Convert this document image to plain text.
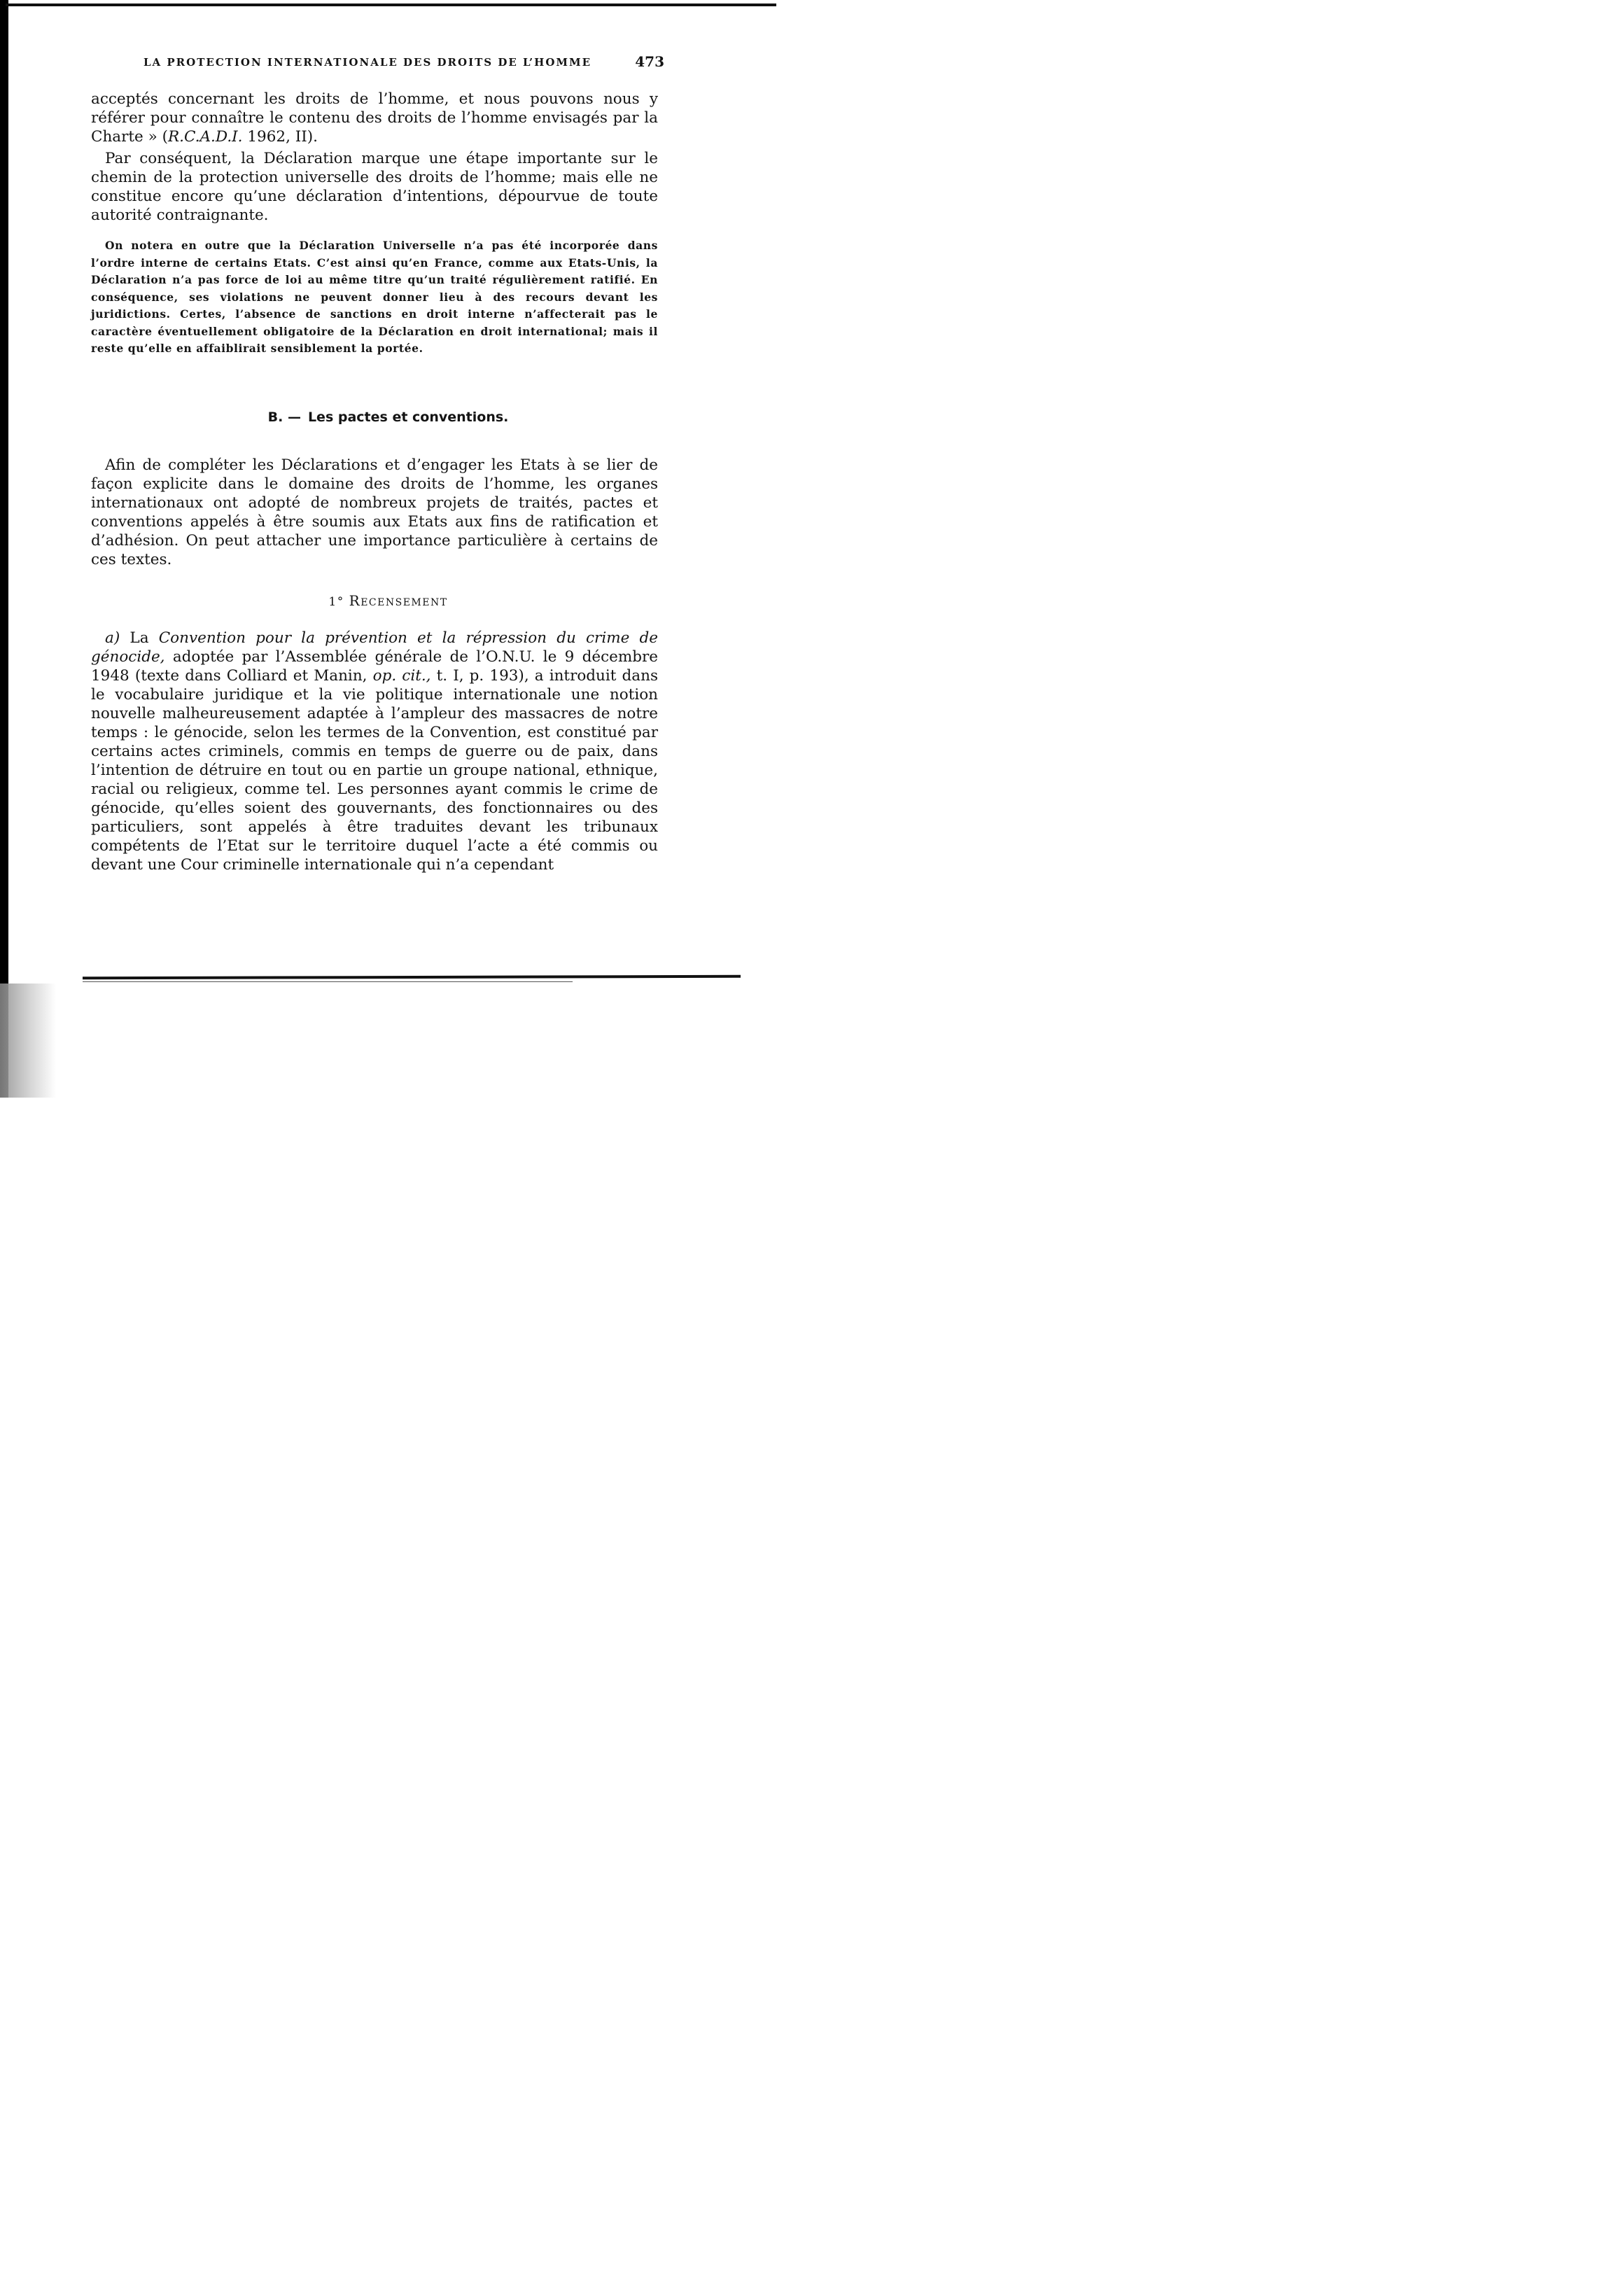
LA PROTECTION INTERNATIONALE DES DROITS DE L’HOMME	473

acceptés concernant les droits de l’homme, et nous pouvons nous y référer pour connaître le contenu des droits de l’homme envisagés par la Charte » (R.C.A.D.I. 1962, II).

Par conséquent, la Déclaration marque une étape importante sur le chemin de la protection universelle des droits de l’homme; mais elle ne constitue encore qu’une déclaration d’intentions, dépourvue de toute autorité contraignante.

On notera en outre que la Déclaration Universelle n’a pas été incorporée dans l’ordre interne de certains Etats. C’est ainsi qu’en France, comme aux Etats-Unis, la Déclaration n’a pas force de loi au même titre qu’un traité régulièrement ratifié. En conséquence, ses violations ne peuvent donner lieu à des recours devant les juridictions. Certes, l’absence de sanctions en droit interne n’affecterait pas le caractère éventuellement obligatoire de la Déclaration en droit international; mais il reste qu’elle en affaiblirait sensiblement la portée.

B. — Les pactes et conventions.

Afin de compléter les Déclarations et d’engager les Etats à se lier de façon explicite dans le domaine des droits de l’homme, les organes internationaux ont adopté de nombreux projets de traités, pactes et conventions appelés à être soumis aux Etats aux fins de ratification et d’adhésion. On peut attacher une importance particulière à certains de ces textes.

1° Recensement

a) La Convention pour la prévention et la répression du crime de génocide, adoptée par l’Assemblée générale de l’O.N.U. le 9 décembre 1948 (texte dans Colliard et Manin, op. cit., t. I, p. 193), a introduit dans le vocabulaire juridique et la vie politique internationale une notion nouvelle malheureusement adaptée à l’ampleur des massacres de notre temps : le génocide, selon les termes de la Convention, est constitué par certains actes criminels, commis en temps de guerre ou de paix, dans l’intention de détruire en tout ou en partie un groupe national, ethnique, racial ou religieux, comme tel. Les personnes ayant commis le crime de génocide, qu’elles soient des gouvernants, des fonctionnaires ou des particuliers, sont appelés à être traduites devant les tribunaux compétents de l’Etat sur le territoire duquel l’acte a été commis ou devant une Cour criminelle internationale qui n’a cependant
